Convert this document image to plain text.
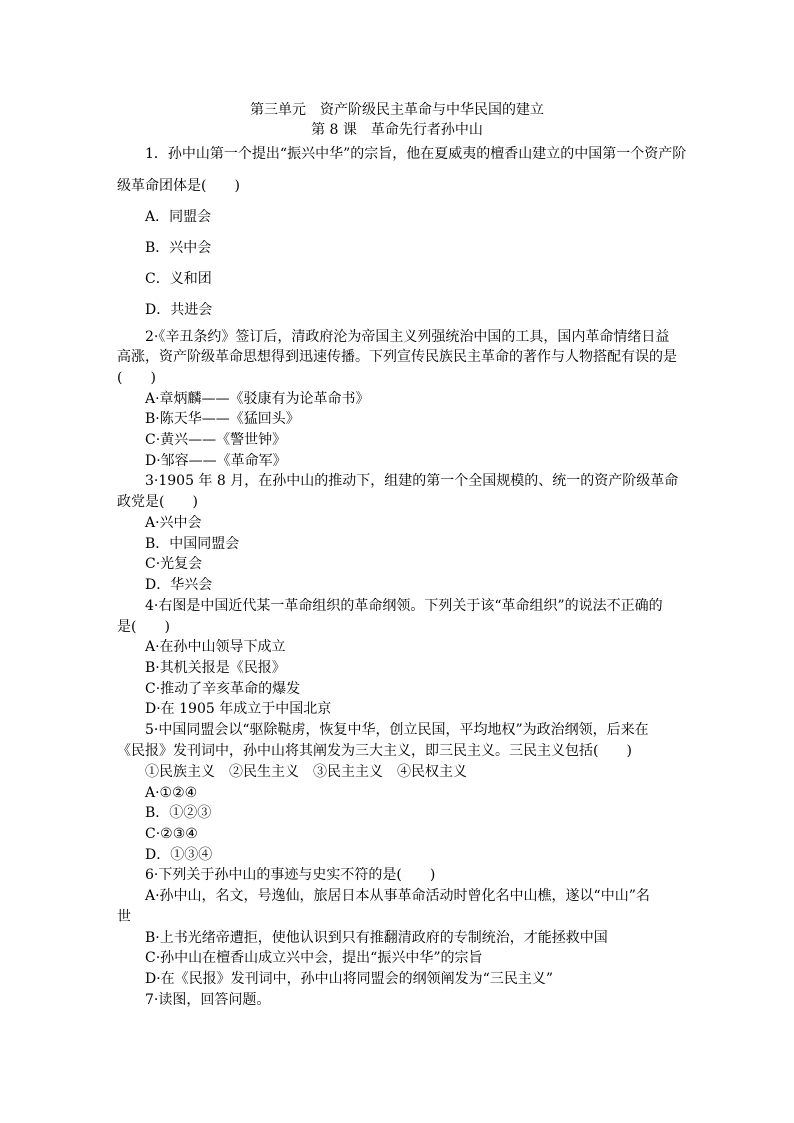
第三单元　资产阶级民主革命与中华民国的建立
第 8 课　革命先行者孙中山
1．孙中山第一个提出“振兴中华”的宗旨，他在夏威夷的檀香山建立的中国第一个资产阶
级革命团体是(　　)
A．同盟会
B．兴中会
C．义和团
D．共进会
2·《辛丑条约》签订后，清政府沦为帝国主义列强统治中国的工具，国内革命情绪日益
高涨，资产阶级革命思想得到迅速传播。下列宣传民族民主革命的著作与人物搭配有误的是
(　　)
A·章炳麟——《驳康有为论革命书》
B·陈天华——《猛回头》
C·黄兴——《警世钟》
D·邹容——《革命军》
3·1905 年 8 月，在孙中山的推动下，组建的第一个全国规模的、统一的资产阶级革命
政党是(　　)
A·兴中会
B．中国同盟会
C·光复会
D．华兴会
4·右图是中国近代某一革命组织的革命纲领。下列关于该“革命组织”的说法不正确的
是(　　)
A·在孙中山领导下成立
B·其机关报是《民报》
C·推动了辛亥革命的爆发
D·在 1905 年成立于中国北京
5·中国同盟会以“驱除鞑虏，恢复中华，创立民国，平均地权”为政治纲领，后来在
《民报》发刊词中，孙中山将其阐发为三大主义，即三民主义。三民主义包括(　　)
①民族主义　②民生主义　③民主主义　④民权主义
A·①②④
B．①②③
C·②③④
D．①③④
6·下列关于孙中山的事迹与史实不符的是(　　)
A·孙中山，名文，号逸仙，旅居日本从事革命活动时曾化名中山樵，遂以“中山”名
世
B·上书光绪帝遭拒，使他认识到只有推翻清政府的专制统治，才能拯救中国
C·孙中山在檀香山成立兴中会，提出“振兴中华”的宗旨
D·在《民报》发刊词中，孙中山将同盟会的纲领阐发为“三民主义”
7·读图，回答问题。
